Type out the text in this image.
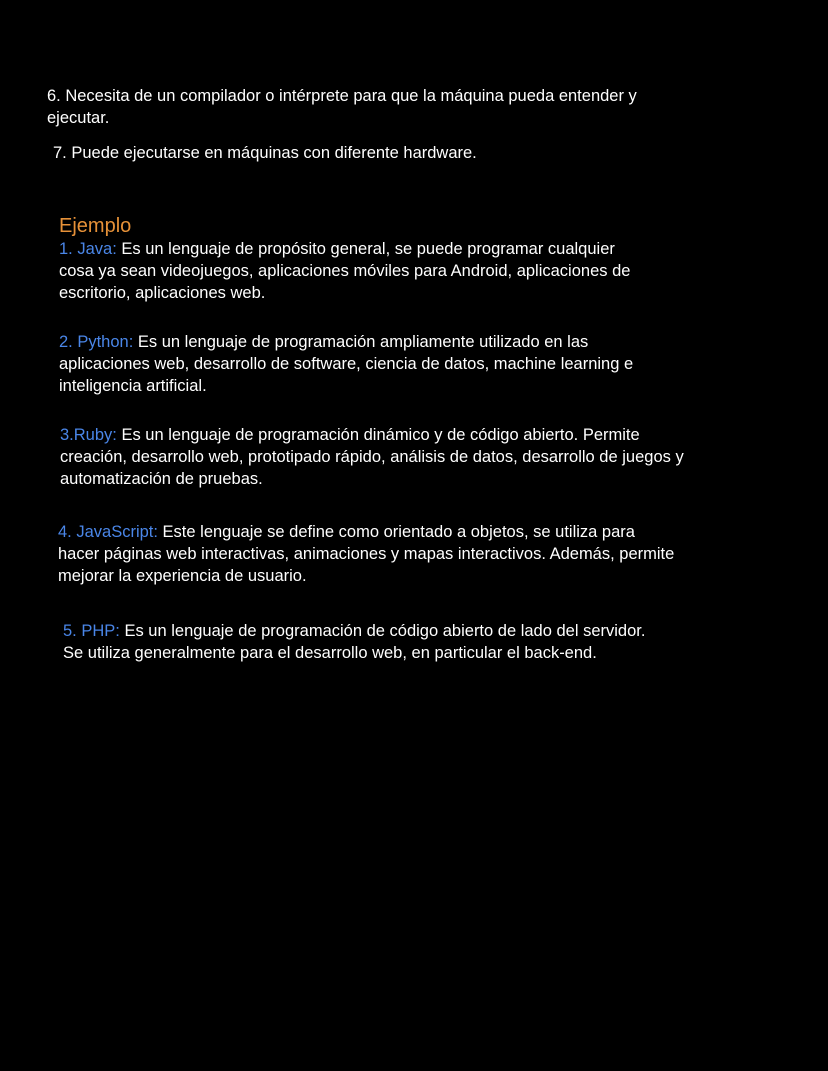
6. Necesita de un compilador o intérprete para que la máquina pueda entender y
ejecutar.

7. Puede ejecutarse en máquinas con diferente hardware.

Ejemplo

1. Java: Es un lenguaje de propósito general, se puede programar cualquier
cosa ya sean videojuegos, aplicaciones móviles para Android, aplicaciones de
escritorio, aplicaciones web.

2. Python: Es un lenguaje de programación ampliamente utilizado en las
aplicaciones web, desarrollo de software, ciencia de datos, machine learning e
inteligencia artificial.

3.Ruby: Es un lenguaje de programación dinámico y de código abierto. Permite
creación, desarrollo web, prototipado rápido, análisis de datos, desarrollo de juegos y
automatización de pruebas.

4. JavaScript: Este lenguaje se define como orientado a objetos, se utiliza para
hacer páginas web interactivas, animaciones y mapas interactivos. Además, permite
mejorar la experiencia de usuario.

5. PHP: Es un lenguaje de programación de código abierto de lado del servidor.
Se utiliza generalmente para el desarrollo web, en particular el back-end.
